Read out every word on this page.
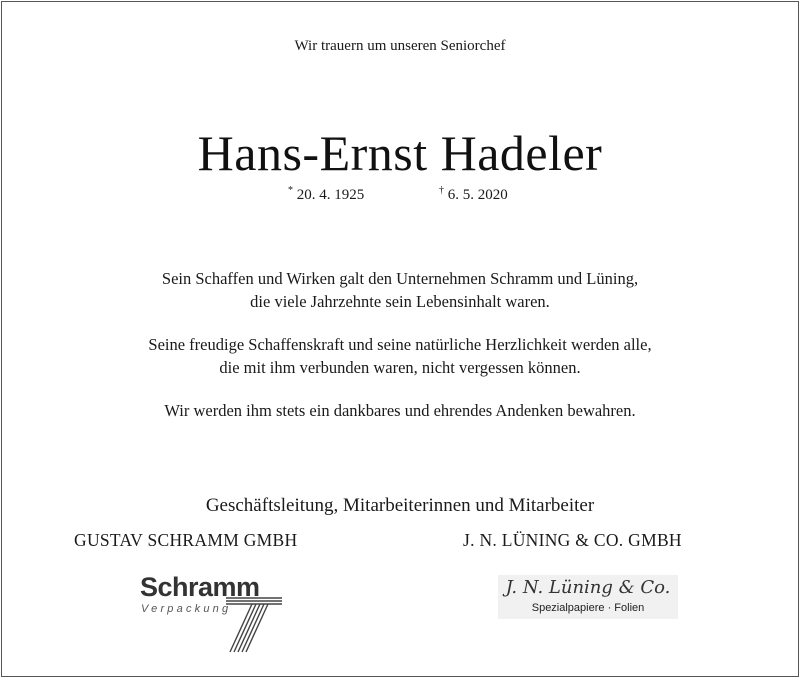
Wir trauern um unseren Seniorchef
Hans-Ernst Hadeler
* 20. 4. 1925	† 6. 5. 2020
Sein Schaffen und Wirken galt den Unternehmen Schramm und Lüning,
die viele Jahrzehnte sein Lebensinhalt waren.
Seine freudige Schaffenskraft und seine natürliche Herzlichkeit werden alle,
die mit ihm verbunden waren, nicht vergessen können.
Wir werden ihm stets ein dankbares und ehrendes Andenken bewahren.
Geschäftsleitung, Mitarbeiterinnen und Mitarbeiter
GUSTAV SCHRAMM GMBH	J. N. LÜNING & CO. GMBH
Schramm
Verpackung
J. N. Lüning & Co.
Spezialpapiere · Folien
